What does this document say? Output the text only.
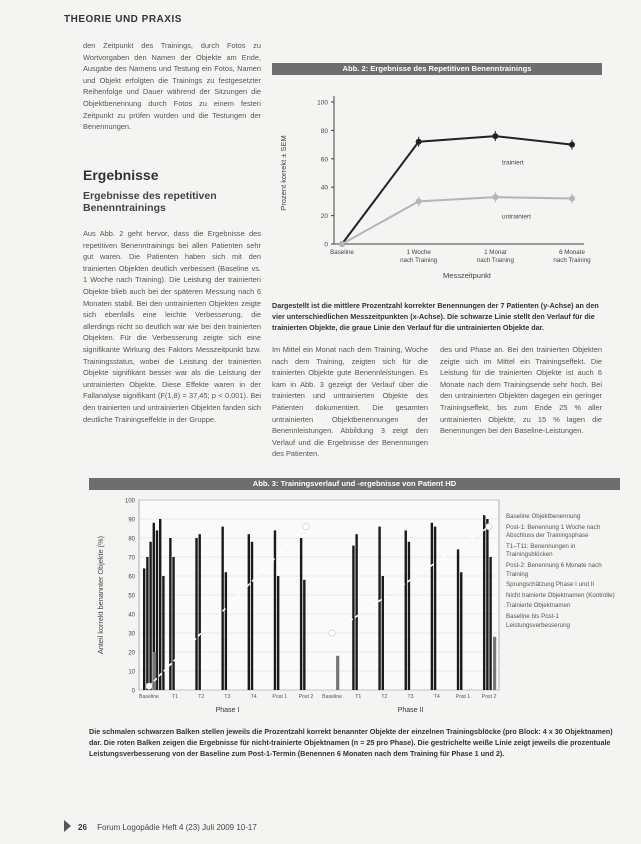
THEORIE UND PRAXIS
den Zeitpunkt des Trainings, durch Fotos zu Wortvorgaben den Namen der Objekte am Ende, Ausgabe des Namens und Testung ein Fotos, Namen und Objekt erfolgten die Trainings zu festgesetzter Reihenfolge und Dauer während der Sitzungen die Objektbenennung durch Fotos zu einem festen Zeitpunkt zu prüfen wurden und die Testungen der Benennungen.
Ergebnisse
Ergebnisse des repetitiven Benenntrainings
Aus Abb. 2 geht hervor, dass die Ergebnisse des repetitiven Benenntrainings bei allen Patienten sehr gut waren. Die Patienten haben sich mit den trainierten Objekten deutlich verbessert (Baseline vs. 1 Woche nach Training). Die Leistung der trainierten Objekte blieb auch bei der späteren Messung nach 6 Monaten stabil. Bei den untrainierten Objekten zeigte sich ebenfalls eine leichte Verbesserung, die allerdings nicht so deutlich war wie bei den trainierten Objekten. Für die Verbesserung zeigte sich eine signifikante Wirkung des Faktors Messzeitpunkt bzw. Trainingsstatus, wobei die Leistung der trainierten Objekte signifikant besser war als die Leistung der untrainierten Objekte. Diese Effekte waren in der Fallanalyse signifikant (F(1,8) = 37,45; p < 0,001). Bei den trainierten und untrainierten Objekten fanden sich deutliche Trainingseffekte in der Gruppe.
Abb. 2: Ergebnisse des Repetitiven Benenntrainings
0
20
40
60
80
100
Prozent korrekt ± SEM
Baseline	1 Woche
nach Training
1 Monat
nach Training
6 Monate
nach Training
Messzeitpunkt
trainiert
untrainiert
Dargestellt ist die mittlere Prozentzahl korrekter Benennungen der 7 Patienten (y-Achse) an den vier unterschiedlichen Messzeitpunkten (x-Achse). Die schwarze Linie stellt den Verlauf für die trainierten Objekte, die graue Linie den Verlauf für die untrainierten Objekte dar.
Im Mittel ein Monat nach dem Training, Woche nach dem Training, zeigten sich für die trainierten Objekte gute Benennleistungen. Es kam in Abb. 3 gezeigt der Verlauf über die trainierten und untrainierten Objekte des Patienten dokumentiert. Die gesamten untrainierten Objektbenennungen der Benennleistungen. Abbildung 3 zeigt den Verlauf und die Ergebnisse der Benennungen des Patienten.
des und Phase an. Bei den trainierten Objekten zeigte sich im Mittel ein Trainingseffekt. Die Leistung für die trainierten Objekte ist auch 6 Monate nach dem Trainingsende sehr hoch. Bei den untrainierten Objekten dagegen ein geringer Trainingseffekt, bis zum Ende 25 % aller untrainierten Objekte, zu 15 % lagen die Benennungen bei den Baseline-Leistungen.
Abb. 3: Trainingsverlauf und -ergebnisse von Patient HD
0
10
20
30
40
50
60
70
80
90
100
Anteil korrekt benannter Objekte (%)
Baseline	T1	T2	T3	T4	Post 1 Post 2 Baseline	T1	T2	T3	T4	Post 1 Post 2
Phase I	Phase II
Baseline Objektbenennung
Post-1: Benennung 1 Woche nach Abschluss der Trainingsphase
T1–T11: Benennungen in Trainingsblöcken
Post-2: Benennung 6 Monate nach Training
Sprungschätzung Phase I und II
Nicht trainierte Objektnamen (Kontrolle)
Trainierte Objektnamen
Baseline bis Post-1 Leistungsverbesserung
Die schmalen schwarzen Balken stellen jeweils die Prozentzahl korrekt benannter Objekte der einzelnen Trainingsblöcke (pro Block: 4 x 30 Objektnamen) dar. Die roten Balken zeigen die Ergebnisse für nicht-trainierte Objektnamen (n = 25 pro Phase). Die gestrichelte weiße Linie zeigt jeweils die prozentuale Leistungsverbesserung von der Baseline zum Post-1-Termin (Benennen 6 Monaten nach dem Training für Phase 1 und 2).
26 Forum Logopädie Heft 4 (23) Juli 2009 10-17
